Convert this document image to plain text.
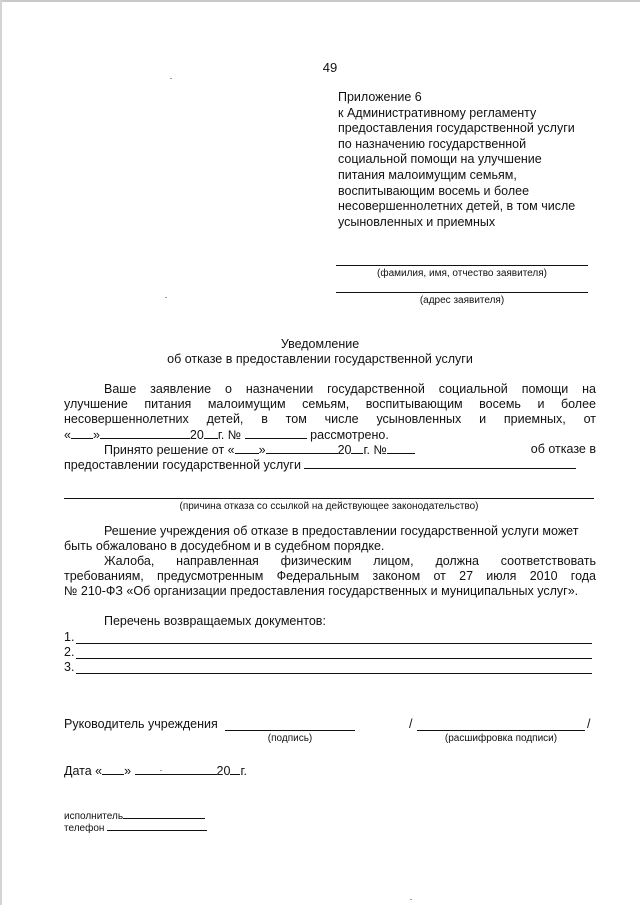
49
Приложение 6
к Административному регламенту
предоставления государственной услуги
по назначению государственной
социальной помощи на улучшение
питания малоимущим семьям,
воспитывающим восемь и более
несовершеннолетних детей, в том числе
усыновленных и приемных
(фамилия, имя, отчество заявителя)
(адрес заявителя)
Уведомление
об отказе в предоставлении государственной услуги
Ваше заявление о назначении государственной социальной помощи на
улучшение питания малоимущим семьям, воспитывающим восемь и более
несовершеннолетних детей, в том числе усыновленных и приемных, от
« »	20 г. №	рассмотрено.
Принято решение от « »	20 г. №	об отказе в
предоставлении государственной услуги
(причина отказа со ссылкой на действующее законодательство)
Решение учреждения об отказе в предоставлении государственной услуги может
быть обжаловано в досудебном и в судебном порядке.
Жалоба, направленная физическим лицом, должна соответствовать
требованиям, предусмотренным Федеральным законом от 27 июля 2010 года
№ 210-ФЗ «Об организации предоставления государственных и муниципальных услуг».
Перечень возвращаемых документов:
1.
2.
3.
Руководитель учреждения
(подпись)
/	/
(расшифровка подписи)
Дата « »	20 г.
исполнитель
телефон
